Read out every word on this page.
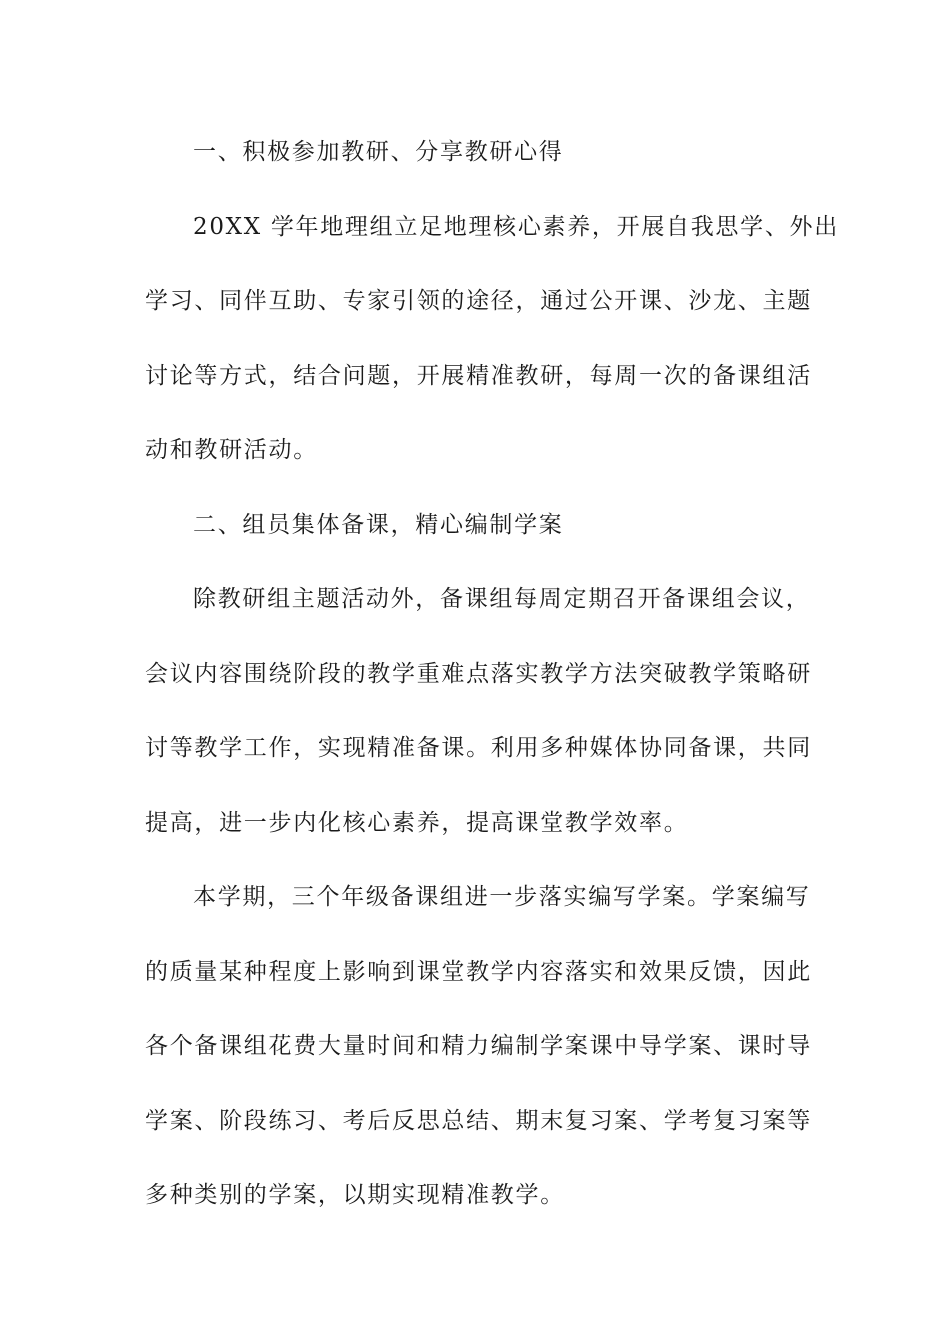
一、积极参加教研、分享教研心得
20XX 学年地理组立足地理核心素养，开展自我思学、外出
学习、同伴互助、专家引领的途径，通过公开课、沙龙、主题
讨论等方式，结合问题，开展精准教研，每周一次的备课组活
动和教研活动。
二、组员集体备课，精心编制学案
除教研组主题活动外，备课组每周定期召开备课组会议，
会议内容围绕阶段的教学重难点落实教学方法突破教学策略研
讨等教学工作，实现精准备课。利用多种媒体协同备课，共同
提高，进一步内化核心素养，提高课堂教学效率。
本学期，三个年级备课组进一步落实编写学案。学案编写
的质量某种程度上影响到课堂教学内容落实和效果反馈，因此
各个备课组花费大量时间和精力编制学案课中导学案、课时导
学案、阶段练习、考后反思总结、期末复习案、学考复习案等
多种类别的学案，以期实现精准教学。
